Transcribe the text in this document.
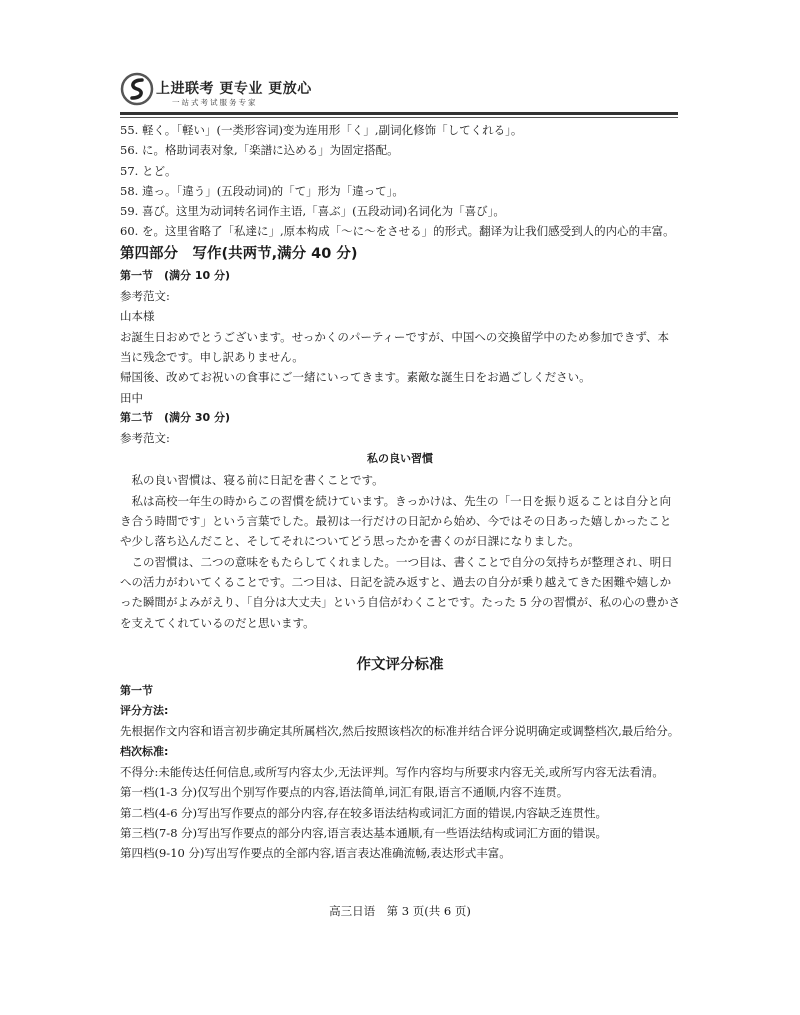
上进联考 更专业 更放心
一站式考试服务专家
55. 軽く。「軽い」(一类形容词)变为连用形「く」,副词化修饰「してくれる」。
56. に。格助词表对象,「楽譜に込める」为固定搭配。
57. とど。
58. 違っ。「違う」(五段动词)的「て」形为「違って」。
59. 喜び。这里为动词转名词作主语,「喜ぶ」(五段动词)名词化为「喜び」。
60. を。这里省略了「私達に」,原本构成「～に～をさせる」的形式。翻译为让我们感受到人的内心的丰富。
第四部分　写作(共两节,满分 40 分)
第一节　(满分 10 分)
参考范文:
山本様
お誕生日おめでとうございます。せっかくのパーティーですが、中国への交換留学中のため参加できず、本当に残念です。申し訳ありません。
帰国後、改めてお祝いの食事にご一緒にいってきます。素敵な誕生日をお過ごしください。
田中
第二节　(满分 30 分)
参考范文:
私の良い習慣
私の良い習慣は、寝る前に日記を書くことです。
私は高校一年生の時からこの習慣を続けています。きっかけは、先生の「一日を振り返ることは自分と向き合う時間です」という言葉でした。最初は一行だけの日記から始め、今ではその日あった嬉しかったことや少し落ち込んだこと、そしてそれについてどう思ったかを書くのが日課になりました。
この習慣は、二つの意味をもたらしてくれました。一つ目は、書くことで自分の気持ちが整理され、明日への活力がわいてくることです。二つ目は、日記を読み返すと、過去の自分が乗り越えてきた困難や嬉しかった瞬間がよみがえり、「自分は大丈夫」という自信がわくことです。たった 5 分の習慣が、私の心の豊かさを支えてくれているのだと思います。
作文评分标准
第一节
评分方法:
先根据作文内容和语言初步确定其所属档次,然后按照该档次的标准并结合评分说明确定或调整档次,最后给分。
档次标准:
不得分:未能传达任何信息,或所写内容太少,无法评判。写作内容均与所要求内容无关,或所写内容无法看清。
第一档(1-3 分)仅写出个别写作要点的内容,语法简单,词汇有限,语言不通顺,内容不连贯。
第二档(4-6 分)写出写作要点的部分内容,存在较多语法结构或词汇方面的错误,内容缺乏连贯性。
第三档(7-8 分)写出写作要点的部分内容,语言表达基本通顺,有一些语法结构或词汇方面的错误。
第四档(9-10 分)写出写作要点的全部内容,语言表达准确流畅,表达形式丰富。
高三日语　第 3 页(共 6 页)
